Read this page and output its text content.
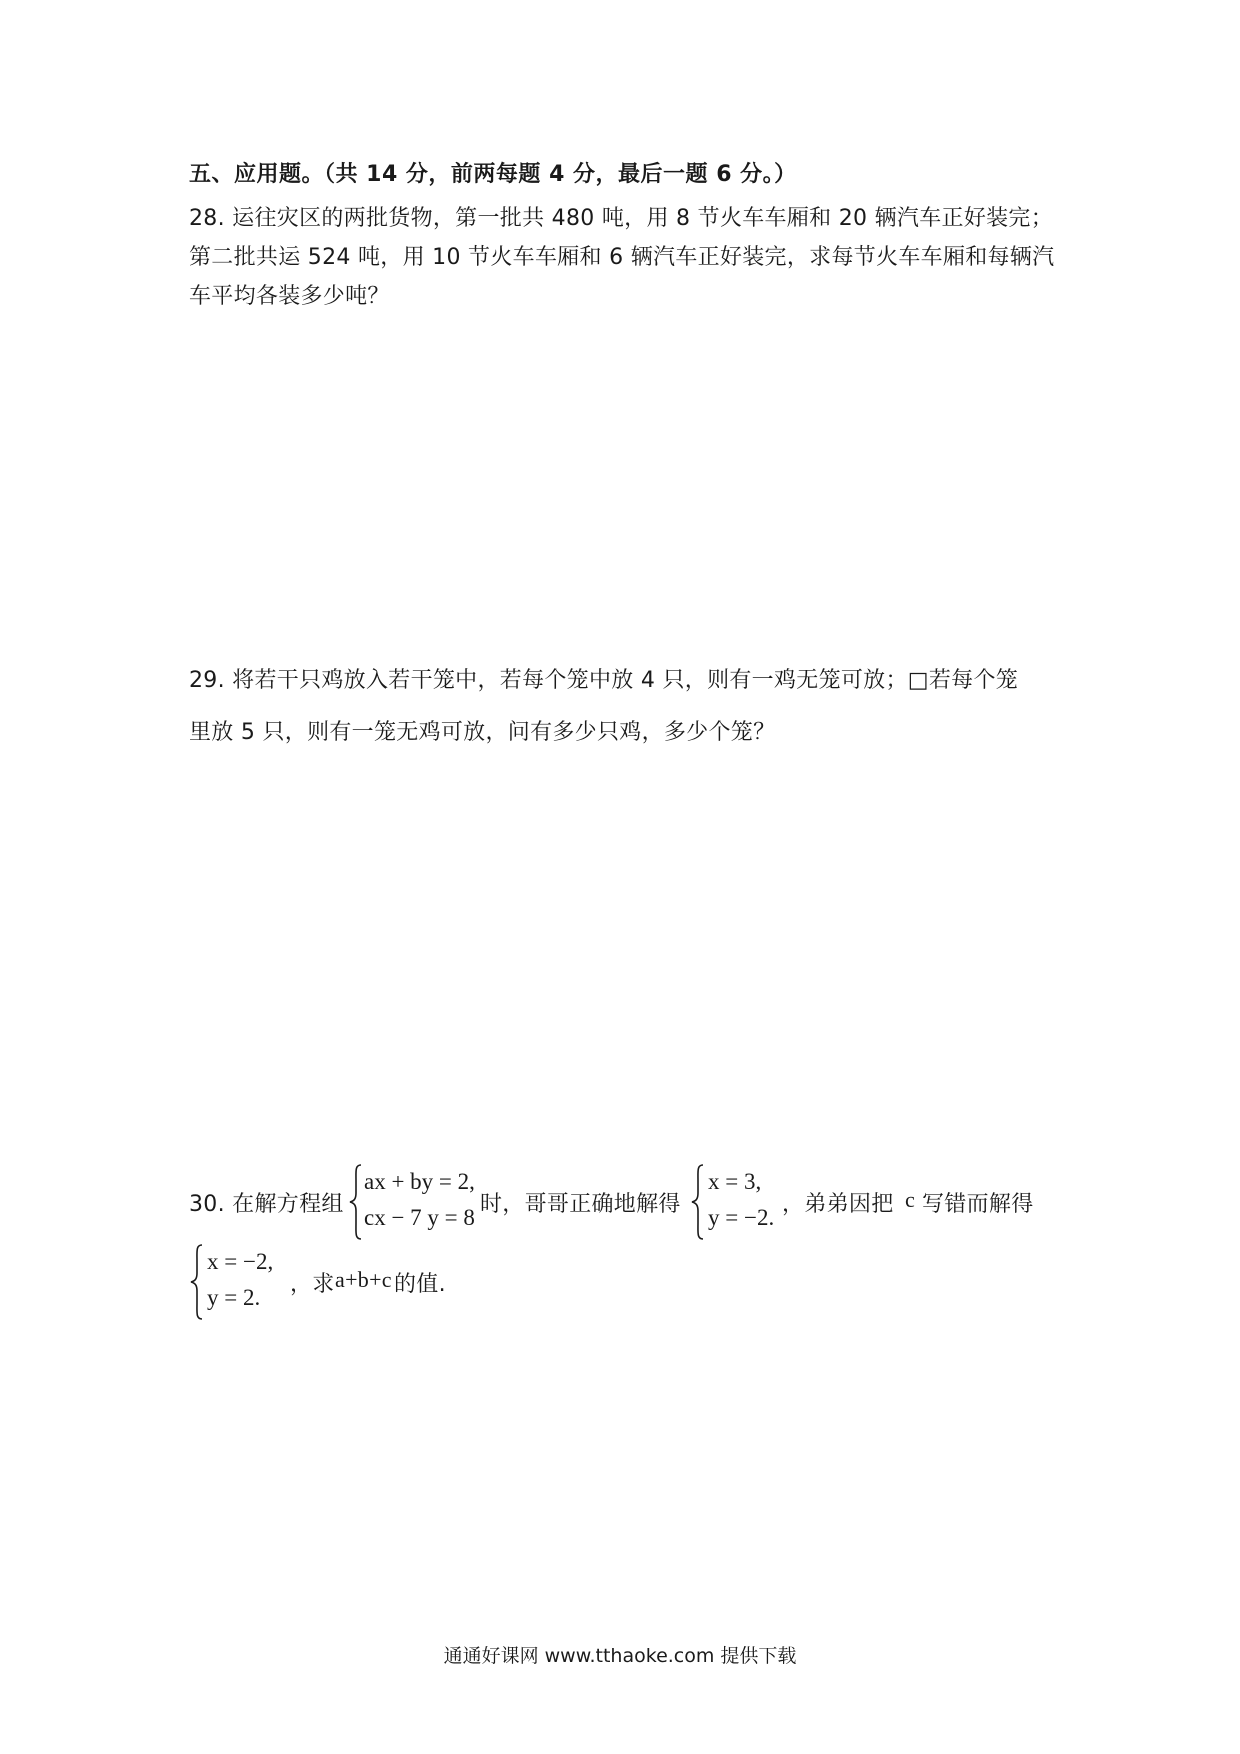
五、应用题。（共 14 分，前两每题 4 分，最后一题 6 分。）
28. 运往灾区的两批货物，第一批共 480 吨，用 8 节火车车厢和 20 辆汽车正好装完；
第二批共运 524 吨，用 10 节火车车厢和 6 辆汽车正好装完，求每节火车车厢和每辆汽
车平均各装多少吨？
29. 将若干只鸡放入若干笼中，若每个笼中放 4 只，则有一鸡无笼可放；□若每个笼
里放 5 只，则有一笼无鸡可放，问有多少只鸡，多少个笼？
30. 在解方程组
ax + by = 2,
cx − 7 y = 8
时，哥哥正确地解得
x = 3,
y = −2.
，弟弟因把 c 写错而解得
x = −2,
y = 2.
，求 a+b+c 的值.
通通好课网 www.tthaoke.com 提供下载
